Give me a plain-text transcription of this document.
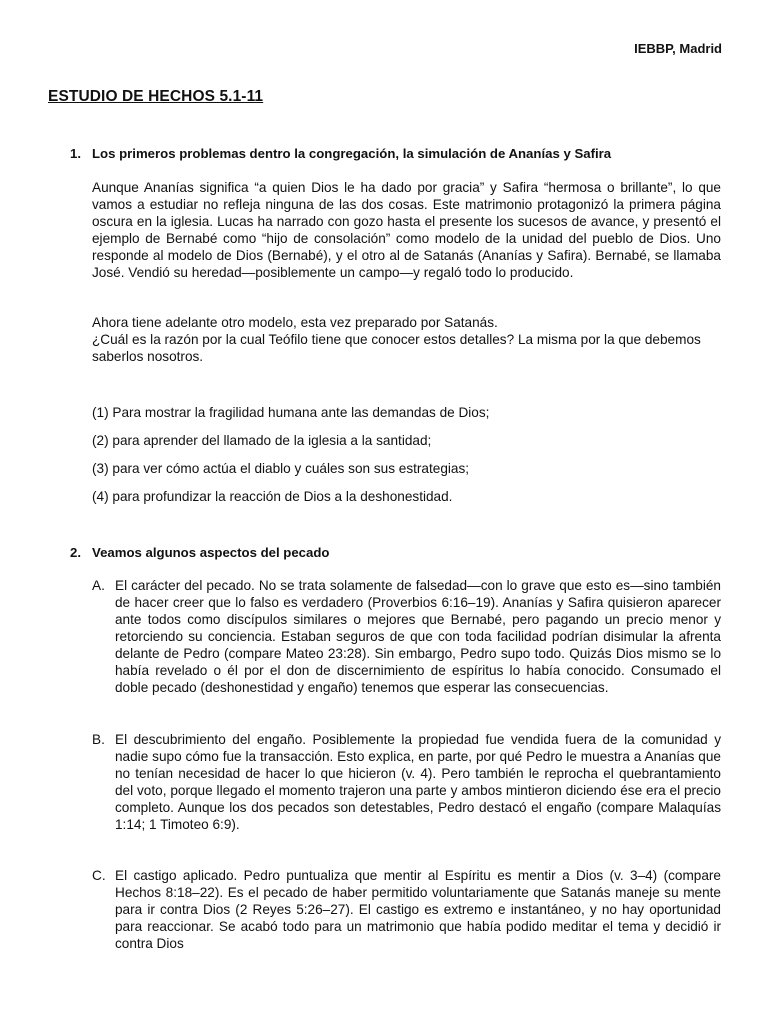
IEBBP, Madrid
ESTUDIO DE HECHOS 5.1-11
1. Los primeros problemas dentro la congregación, la simulación de Ananías y Safira
Aunque Ananías significa “a quien Dios le ha dado por gracia” y Safira “hermosa o brillante”, lo que vamos a estudiar no refleja ninguna de las dos cosas. Este matrimonio protagonizó la primera página oscura en la iglesia. Lucas ha narrado con gozo hasta el presente los sucesos de avance, y presentó el ejemplo de Bernabé como “hijo de consolación” como modelo de la unidad del pueblo de Dios. Uno responde al modelo de Dios (Bernabé), y el otro al de Satanás (Ananías y Safira). Bernabé, se llamaba José. Vendió su heredad—posiblemente un campo—y regaló todo lo producido.
Ahora tiene adelante otro modelo, esta vez preparado por Satanás.
¿Cuál es la razón por la cual Teófilo tiene que conocer estos detalles? La misma por la que debemos saberlos nosotros.
(1) Para mostrar la fragilidad humana ante las demandas de Dios;
(2) para aprender del llamado de la iglesia a la santidad;
(3) para ver cómo actúa el diablo y cuáles son sus estrategias;
(4) para profundizar la reacción de Dios a la deshonestidad.
2. Veamos algunos aspectos del pecado
A. El carácter del pecado. No se trata solamente de falsedad—con lo grave que esto es—sino también de hacer creer que lo falso es verdadero (Proverbios 6:16–19). Ananías y Safira quisieron aparecer ante todos como discípulos similares o mejores que Bernabé, pero pagando un precio menor y retorciendo su conciencia. Estaban seguros de que con toda facilidad podrían disimular la afrenta delante de Pedro (compare Mateo 23:28). Sin embargo, Pedro supo todo. Quizás Dios mismo se lo había revelado o él por el don de discernimiento de espíritus lo había conocido. Consumado el doble pecado (deshonestidad y engaño) tenemos que esperar las consecuencias.
B. El descubrimiento del engaño. Posiblemente la propiedad fue vendida fuera de la comunidad y nadie supo cómo fue la transacción. Esto explica, en parte, por qué Pedro le muestra a Ananías que no tenían necesidad de hacer lo que hicieron (v. 4). Pero también le reprocha el quebrantamiento del voto, porque llegado el momento trajeron una parte y ambos mintieron diciendo ése era el precio completo. Aunque los dos pecados son detestables, Pedro destacó el engaño (compare Malaquías 1:14; 1 Timoteo 6:9).
C. El castigo aplicado. Pedro puntualiza que mentir al Espíritu es mentir a Dios (v. 3–4) (compare Hechos 8:18–22). Es el pecado de haber permitido voluntariamente que Satanás maneje su mente para ir contra Dios (2 Reyes 5:26–27). El castigo es extremo e instantáneo, y no hay oportunidad para reaccionar. Se acabó todo para un matrimonio que había podido meditar el tema y decidió ir contra Dios
